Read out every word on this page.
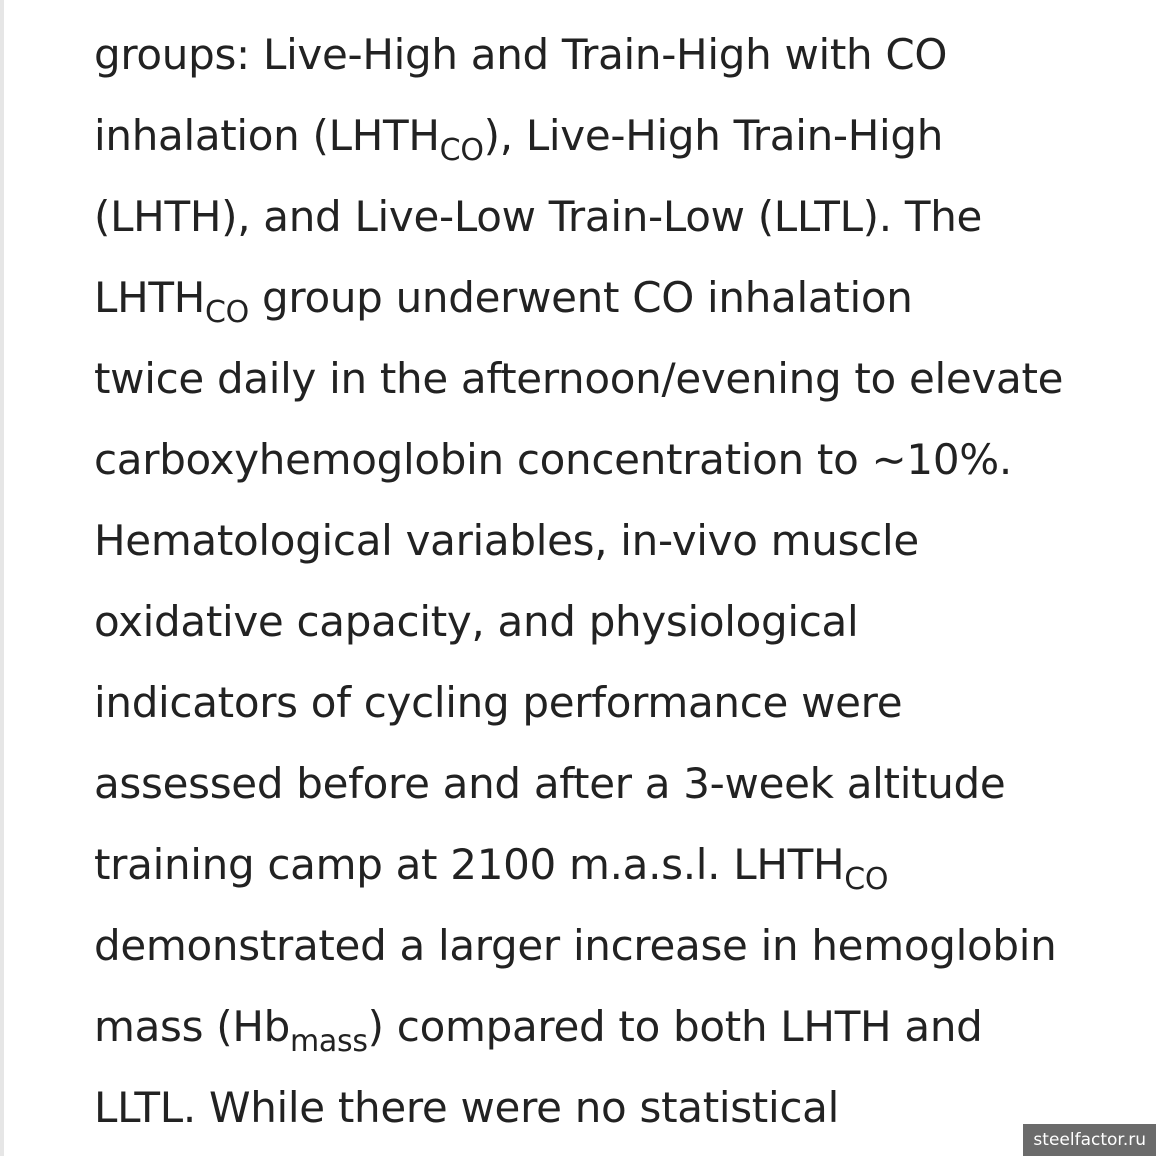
groups: Live-High and Train-High with CO
inhalation $(LHTH_{CO})$, Live-High Train-High
(LHTH), and Live-Low Train-Low (LLTL). The
$LHTH_{CO}$ group underwent CO inhalation
twice daily in the afternoon/evening to elevate
carboxyhemoglobin concentration to ∼10%.
Hematological variables, in-vivo muscle
oxidative capacity, and physiological
indicators of cycling performance were
assessed before and after a 3-week altitude
training camp at 2100 m.a.s.l. $LHTH_{CO}$
demonstrated a larger increase in hemoglobin
mass $(Hb_{mass})$ compared to both LHTH and
LLTL. While there were no statistical
steelfactor.ru
